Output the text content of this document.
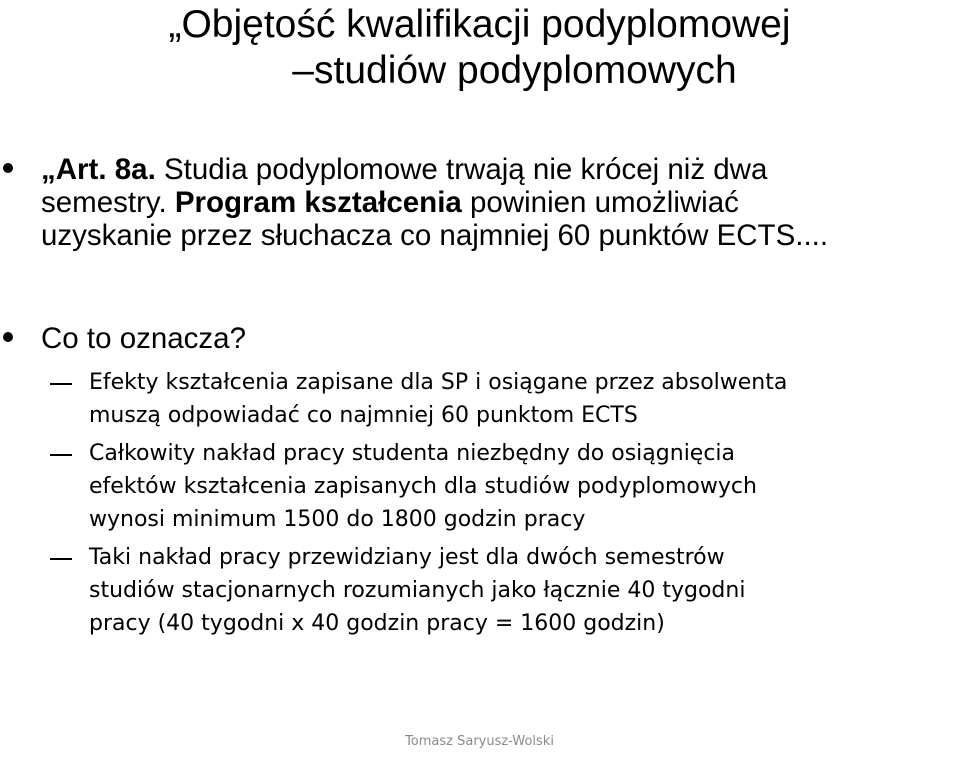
„Objętość kwalifikacji podyplomowej
–studiów podyplomowych
„Art. 8a. Studia podyplomowe trwają nie krócej niż dwa
semestry. Program kształcenia powinien umożliwiać
uzyskanie przez słuchacza co najmniej 60 punktów ECTS....
Co to oznacza?
Efekty kształcenia zapisane dla SP i osiągane przez absolwenta
muszą odpowiadać co najmniej 60 punktom ECTS
Całkowity nakład pracy studenta niezbędny do osiągnięcia
efektów kształcenia zapisanych dla studiów podyplomowych
wynosi minimum 1500 do 1800 godzin pracy
Taki nakład pracy przewidziany jest dla dwóch semestrów
studiów stacjonarnych rozumianych jako łącznie 40 tygodni
pracy (40 tygodni x 40 godzin pracy = 1600 godzin)
Tomasz Saryusz-Wolski
